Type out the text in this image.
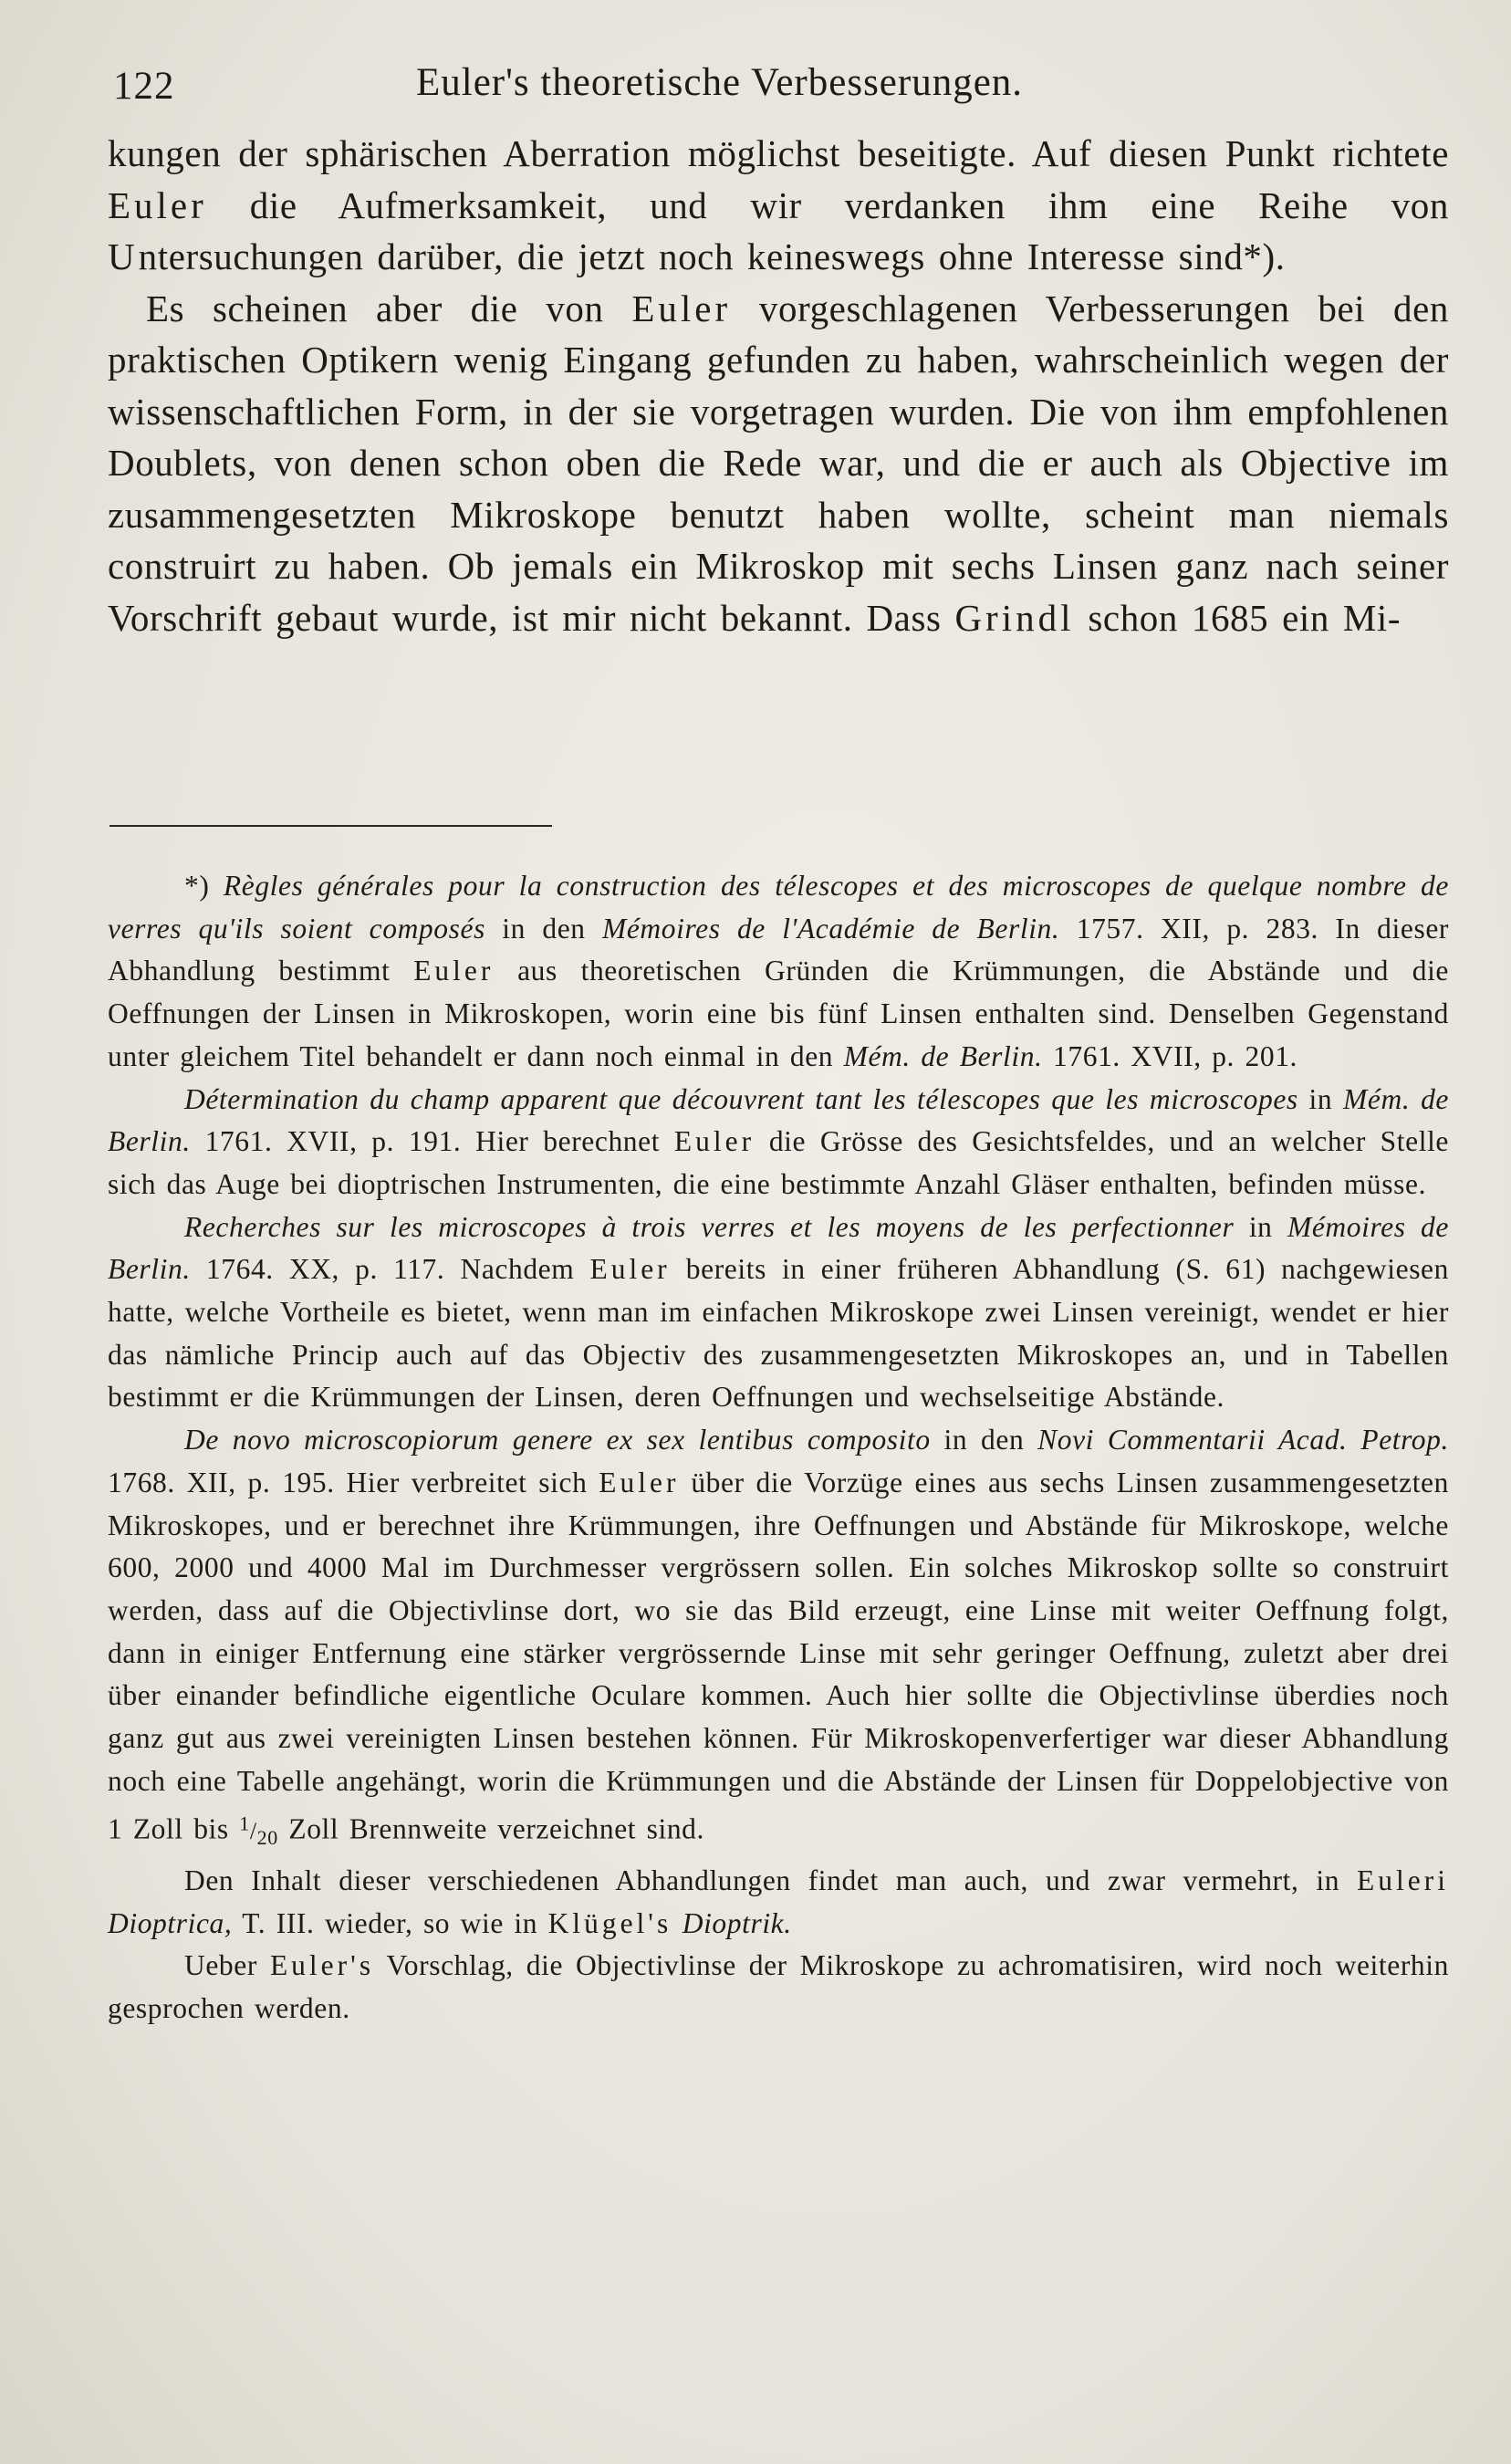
122	Euler's theoretische Verbesserungen.

kungen der sphärischen Aberration möglichst beseitigte. Auf diesen Punkt richtete Euler die Aufmerksamkeit, und wir verdanken ihm eine Reihe von Untersuchungen darüber, die jetzt noch keineswegs ohne Interesse sind*).

Es scheinen aber die von Euler vorgeschlagenen Verbesserungen bei den praktischen Optikern wenig Eingang gefunden zu haben, wahrscheinlich wegen der wissenschaftlichen Form, in der sie vorgetragen wurden. Die von ihm empfohlenen Doublets, von denen schon oben die Rede war, und die er auch als Objective im zusammengesetzten Mikroskope benutzt haben wollte, scheint man niemals construirt zu haben. Ob jemals ein Mikroskop mit sechs Linsen ganz nach seiner Vorschrift gebaut wurde, ist mir nicht bekannt. Dass Grindl schon 1685 ein Mi-

*) Règles générales pour la construction des télescopes et des microscopes de quelque nombre de verres qu'ils soient composés in den Mémoires de l'Académie de Berlin. 1757. XII, p. 283. In dieser Abhandlung bestimmt Euler aus theoretischen Gründen die Krümmungen, die Abstände und die Oeffnungen der Linsen in Mikroskopen, worin eine bis fünf Linsen enthalten sind. Denselben Gegenstand unter gleichem Titel behandelt er dann noch einmal in den Mém. de Berlin. 1761. XVII, p. 201.

Détermination du champ apparent que découvrent tant les télescopes que les microscopes in Mém. de Berlin. 1761. XVII, p. 191. Hier berechnet Euler die Grösse des Gesichtsfeldes, und an welcher Stelle sich das Auge bei dioptrischen Instrumenten, die eine bestimmte Anzahl Gläser enthalten, befinden müsse.

Recherches sur les microscopes à trois verres et les moyens de les perfectionner in Mémoires de Berlin. 1764. XX, p. 117. Nachdem Euler bereits in einer früheren Abhandlung (S. 61) nachgewiesen hatte, welche Vortheile es bietet, wenn man im einfachen Mikroskope zwei Linsen vereinigt, wendet er hier das nämliche Princip auch auf das Objectiv des zusammengesetzten Mikroskopes an, und in Tabellen bestimmt er die Krümmungen der Linsen, deren Oeffnungen und wechselseitige Abstände.

De novo microscopiorum genere ex sex lentibus composito in den Novi Commentarii Acad. Petrop. 1768. XII, p. 195. Hier verbreitet sich Euler über die Vorzüge eines aus sechs Linsen zusammengesetzten Mikroskopes, und er berechnet ihre Krümmungen, ihre Oeffnungen und Abstände für Mikroskope, welche 600, 2000 und 4000 Mal im Durchmesser vergrössern sollen. Ein solches Mikroskop sollte so construirt werden, dass auf die Objectivlinse dort, wo sie das Bild erzeugt, eine Linse mit weiter Oeffnung folgt, dann in einiger Entfernung eine stärker vergrössernde Linse mit sehr geringer Oeffnung, zuletzt aber drei über einander befindliche eigentliche Oculare kommen. Auch hier sollte die Objectivlinse überdies noch ganz gut aus zwei vereinigten Linsen bestehen können. Für Mikroskopenverfertiger war dieser Abhandlung noch eine Tabelle angehängt, worin die Krümmungen und die Abstände der Linsen für Doppelobjective von 1 Zoll bis $^1/_{20}$ Zoll Brennweite verzeichnet sind.

Den Inhalt dieser verschiedenen Abhandlungen findet man auch, und zwar vermehrt, in Euleri Dioptrica, T. III. wieder, so wie in Klügel's Dioptrik.

Ueber Euler's Vorschlag, die Objectivlinse der Mikroskope zu achromatisiren, wird noch weiterhin gesprochen werden.
